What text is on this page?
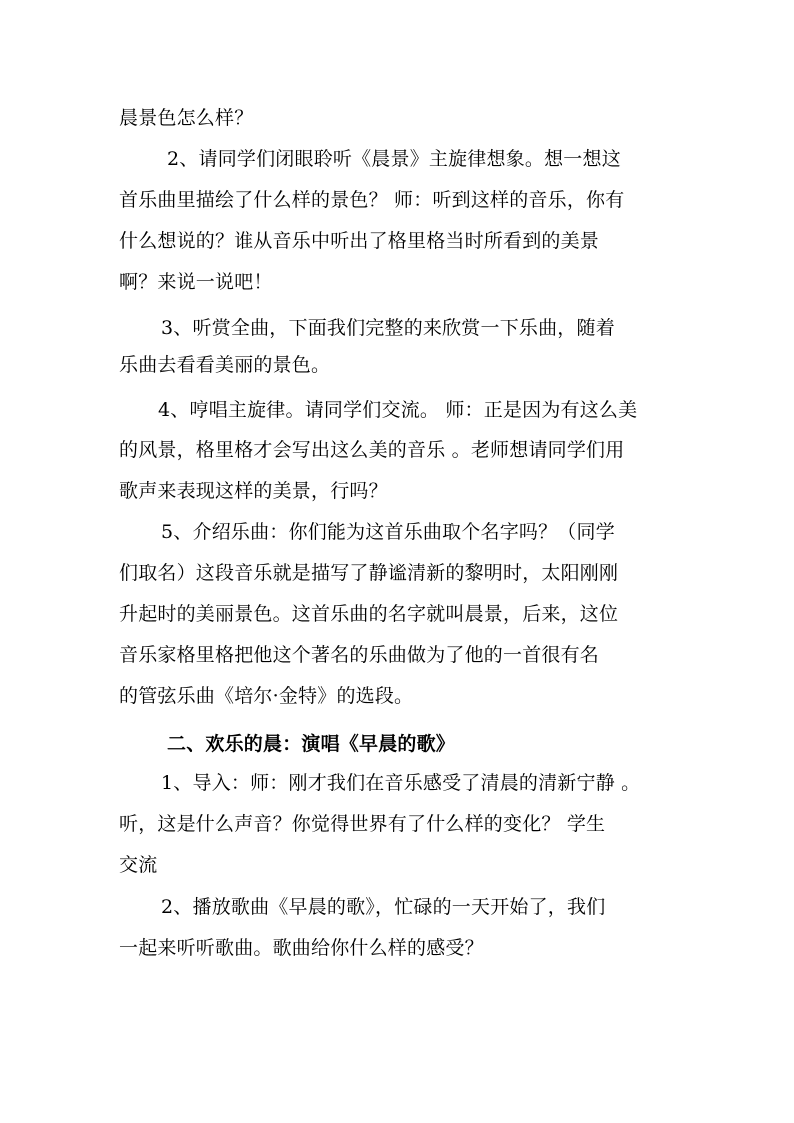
晨景色怎么样？
2、请同学们闭眼聆听《晨景》主旋律想象。想一想这
首乐曲里描绘了什么样的景色？ 师：听到这样的音乐，你有
什么想说的？谁从音乐中听出了格里格当时所看到的美景
啊？来说一说吧！
3、听赏全曲，下面我们完整的来欣赏一下乐曲，随着
乐曲去看看美丽的景色。
4、哼唱主旋律。请同学们交流。 师：正是因为有这么美
的风景，格里格才会写出这么美的音乐 。老师想请同学们用
歌声来表现这样的美景，行吗？
5、介绍乐曲：你们能为这首乐曲取个名字吗？（同学
们取名）这段音乐就是描写了静谧清新的黎明时，太阳刚刚
升起时的美丽景色。这首乐曲的名字就叫晨景，后来，这位
音乐家格里格把他这个著名的乐曲做为了他的一首很有名
的管弦乐曲《培尔·金特》的选段。
二、欢乐的晨：演唱《早晨的歌》
1、导入：师：刚才我们在音乐感受了清晨的清新宁静 。
听，这是什么声音？你觉得世界有了什么样的变化？ 学生
交流
2、播放歌曲《早晨的歌》，忙碌的一天开始了，我们
一起来听听歌曲。歌曲给你什么样的感受？
